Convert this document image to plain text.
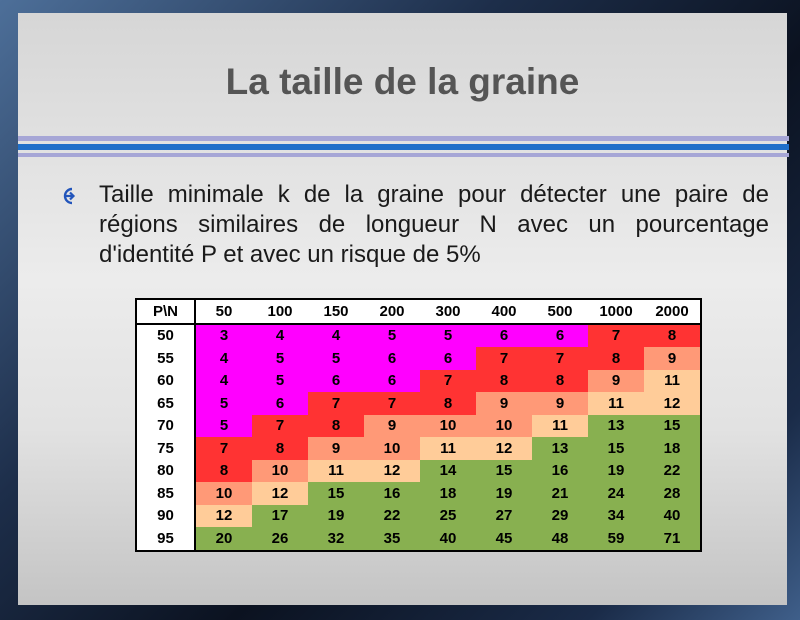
La taille de la graine
Taille minimale k de la graine pour détecter une paire de régions similaires de longueur N avec un pourcentage d'identité P et avec un risque de 5%
P\N	50	100	150	200	300	400	500	1000	2000
50	3	4	4	5	5	6	6	7	8
55	4	5	5	6	6	7	7	8	9
60	4	5	6	6	7	8	8	9	11
65	5	6	7	7	8	9	9	11	12
70	5	7	8	9	10	10	11	13	15
75	7	8	9	10	11	12	13	15	18
80	8	10	11	12	14	15	16	19	22
85	10	12	15	16	18	19	21	24	28
90	12	17	19	22	25	27	29	34	40
95	20	26	32	35	40	45	48	59	71
